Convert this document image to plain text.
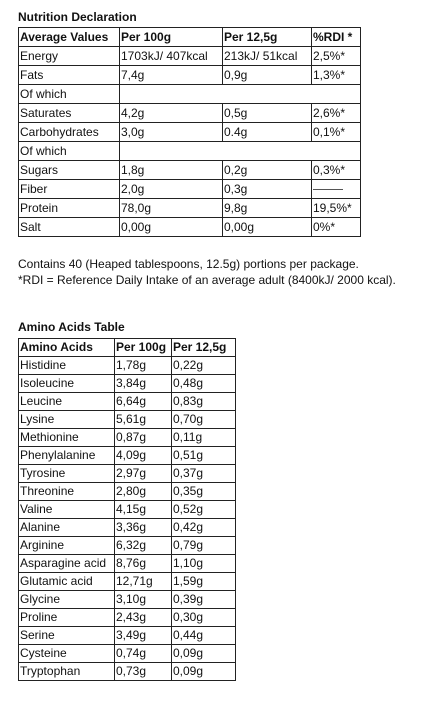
Nutrition Declaration
Average Values	Per 100g	Per 12,5g	%RDI *
Energy	1703kJ/ 407kcal	213kJ/ 51kcal	2,5%*
Fats	7,4g	0,9g	1,3%*
Of which			
Saturates	4,2g	0,5g	2,6%*
Carbohydrates	3,0g	0.4g	0,1%*
Of which			
Sugars	1,8g	0,2g	0,3%*
Fiber	2,0g	0,3g	
Protein	78,0g	9,8g	19,5%*
Salt	0,00g	0,00g	0%*
Contains 40 (Heaped tablespoons, 12.5g) portions per package.
*RDI = Reference Daily Intake of an average adult (8400kJ/ 2000 kcal).
Amino Acids Table
Amino Acids	Per 100g	Per 12,5g
Histidine	1,78g	0,22g
Isoleucine	3,84g	0,48g
Leucine	6,64g	0,83g
Lysine	5,61g	0,70g
Methionine	0,87g	0,11g
Phenylalanine	4,09g	0,51g
Tyrosine	2,97g	0,37g
Threonine	2,80g	0,35g
Valine	4,15g	0,52g
Alanine	3,36g	0,42g
Arginine	6,32g	0,79g
Asparagine acid	8,76g	1,10g
Glutamic acid	12,71g	1,59g
Glycine	3,10g	0,39g
Proline	2,43g	0,30g
Serine	3,49g	0,44g
Cysteine	0,74g	0,09g
Tryptophan	0,73g	0,09g
